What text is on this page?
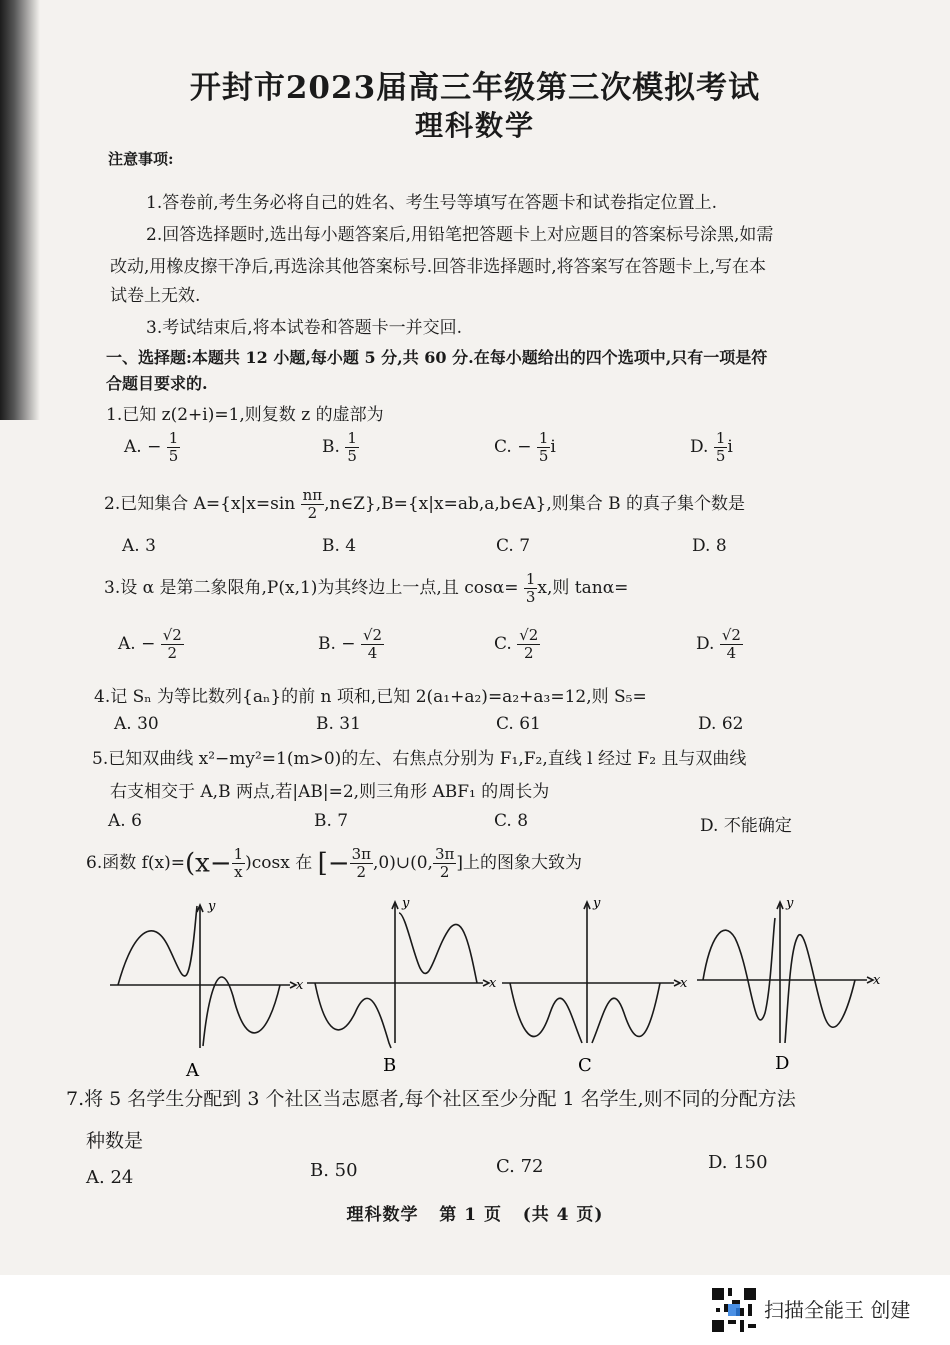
开封市2023届高三年级第三次模拟考试
理科数学
注意事项:
1.答卷前,考生务必将自己的姓名、考生号等填写在答题卡和试卷指定位置上.
2.回答选择题时,选出每小题答案后,用铅笔把答题卡上对应题目的答案标号涂黑,如需
改动,用橡皮擦干净后,再选涂其他答案标号.回答非选择题时,将答案写在答题卡上,写在本
试卷上无效.
3.考试结束后,将本试卷和答题卡一并交回.
一、选择题:本题共 12 小题,每小题 5 分,共 60 分.在每小题给出的四个选项中,只有一项是符
合题目要求的.
1.已知 z(2+i)=1,则复数 z 的虚部为
A. − $\frac{1}{5}$	B. $\frac{1}{5}$	C. − $\frac{1}{5}$ i	D. $\frac{1}{5}$ i
2.已知集合 $A=\{x|x=\sin \frac{n\pi}{2}$ ,n∈Z},B={x|x=ab,a,b∈A},则集合 B 的真子集个数是
A. 3	B. 4	C. 7	D. 8
3.设 α 是第二象限角,P(x,1)为其终边上一点,且 $\cos\alpha= \frac{1}{3} x$,则 tanα=
A. − $\frac{√2}{2}$	B. − $\frac{√2}{4}$	C. $\frac{√2}{2}$	D. $\frac{√2}{4}$
4.记 Sₙ 为等比数列{aₙ}的前 n 项和,已知 2(a₁+a₂)=a₂+a₃=12,则 S₅=
A. 30	B. 31	C. 61	D. 62
5.已知双曲线 x²−my²=1(m>0)的左、右焦点分别为 F₁,F₂,直线 l 经过 F₂ 且与双曲线
右支相交于 A,B 两点,若|AB|=2,则三角形 ABF₁ 的周长为
A. 6	B. 7	C. 8	D. 不能确定
6.函数 $f(x)=(x- \frac{1}{x} )\cos x$ 在 [− $\frac{3\pi}{2}$ ,0)∪(0, $\frac{3\pi}{2}$ ]上的图象大致为
x
y
A
x
y
B
x
y
C
x
y
D
7.将 5 名学生分配到 3 个社区当志愿者,每个社区至少分配 1 名学生,则不同的分配方法
种数是
A. 24	B. 50	C. 72	D. 150
理科数学   第 1 页   (共 4 页)
扫描全能王 创建
